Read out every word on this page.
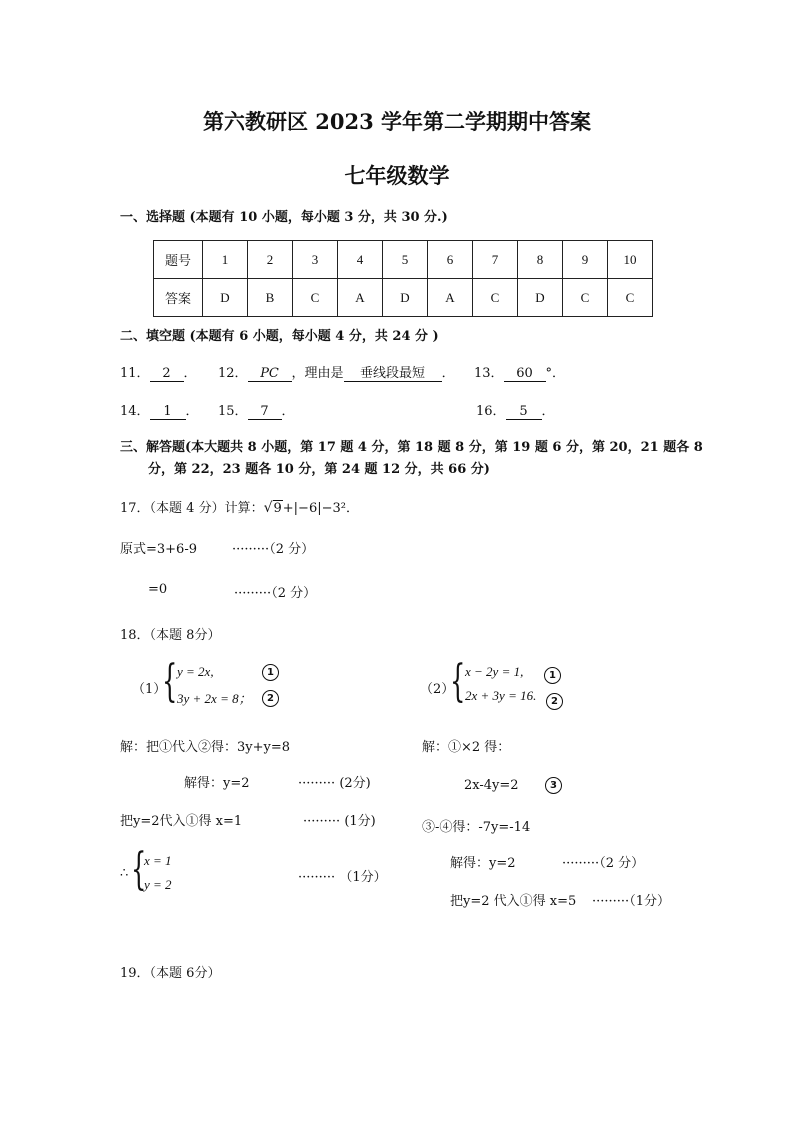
第六教研区 2023 学年第二学期期中答案
七年级数学
一、选择题 (本题有 10 小题，每小题 3 分，共 30 分.)
题号	1	2	3	4	5	6	7	8	9	10
答案	D	B	C	A	D	A	C	D	C	C
二、填空题 (本题有 6 小题，每小题 4 分，共 24 分 )
11． 2 ． 12． PC ，理由是 垂线段最短 ． 13． 60 °．
14． 1 ． 15． 7 ．	16． 5 ．
三、解答题(本大题共 8 小题，第 17 题 4 分，第 18 题 8 分，第 19 题 6 分，第 20，21 题各 8
分，第 22，23 题各 10 分，第 24 题 12 分，共 66 分)
17．（本题 4 分）计算：√9+|−6|−3²．
原式=3+6-9	·········（2 分）
=0	·········（2 分）
18．（本题 8分）
（1）
{ y = 2x,
3y + 2x = 8；
1
2
（2）
{ x − 2y = 1,
2x + 3y = 16.
1
2
解：把①代入②得：3y+y=8
解得：y=2	········· (2分)
把y=2代入①得 x=1	········· (1分)
∴ {
x = 1
y = 2	········· （1分）
解：①×2 得：
2x-4y=2	3
③-④得：-7y=-14
解得：y=2	·········（2 分）
把y=2 代入①得 x=5 ·········（1分）
19．（本题 6分）
